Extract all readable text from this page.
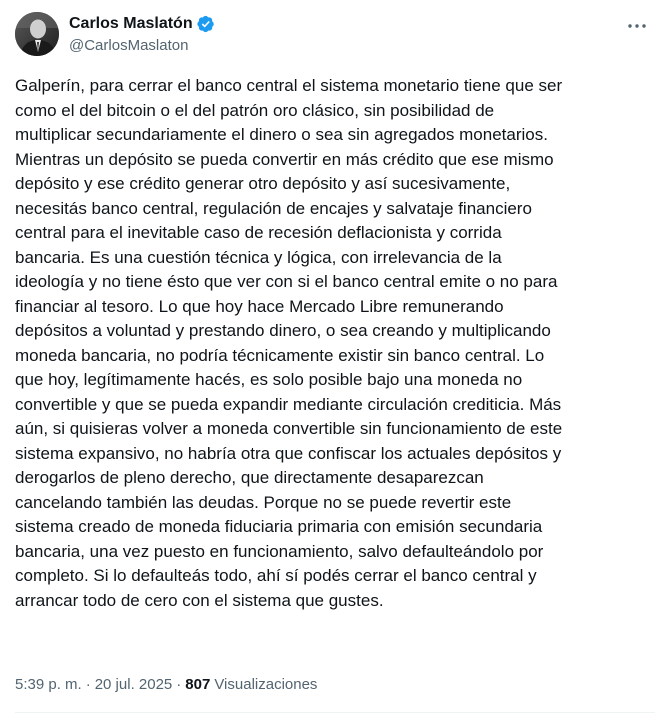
Carlos Maslatón
@CarlosMaslaton
Galperín, para cerrar el banco central el sistema monetario tiene que ser
como el del bitcoin o el del patrón oro clásico, sin posibilidad de
multiplicar secundariamente el dinero o sea sin agregados monetarios.
Mientras un depósito se pueda convertir en más crédito que ese mismo
depósito y ese crédito generar otro depósito y así sucesivamente,
necesitás banco central, regulación de encajes y salvataje financiero
central para el inevitable caso de recesión deflacionista y corrida
bancaria. Es una cuestión técnica y lógica, con irrelevancia de la
ideología y no tiene ésto que ver con si el banco central emite o no para
financiar al tesoro. Lo que hoy hace Mercado Libre remunerando
depósitos a voluntad y prestando dinero, o sea creando y multiplicando
moneda bancaria, no podría técnicamente existir sin banco central. Lo
que hoy, legítimamente hacés, es solo posible bajo una moneda no
convertible y que se pueda expandir mediante circulación crediticia. Más
aún, si quisieras volver a moneda convertible sin funcionamiento de este
sistema expansivo, no habría otra que confiscar los actuales depósitos y
derogarlos de pleno derecho, que directamente desaparezcan
cancelando también las deudas. Porque no se puede revertir este
sistema creado de moneda fiduciaria primaria con emisión secundaria
bancaria, una vez puesto en funcionamiento, salvo defaulteándolo por
completo. Si lo defaulteás todo, ahí sí podés cerrar el banco central y
arrancar todo de cero con el sistema que gustes.
5:39 p. m. · 20 jul. 2025 · 807 Visualizaciones
